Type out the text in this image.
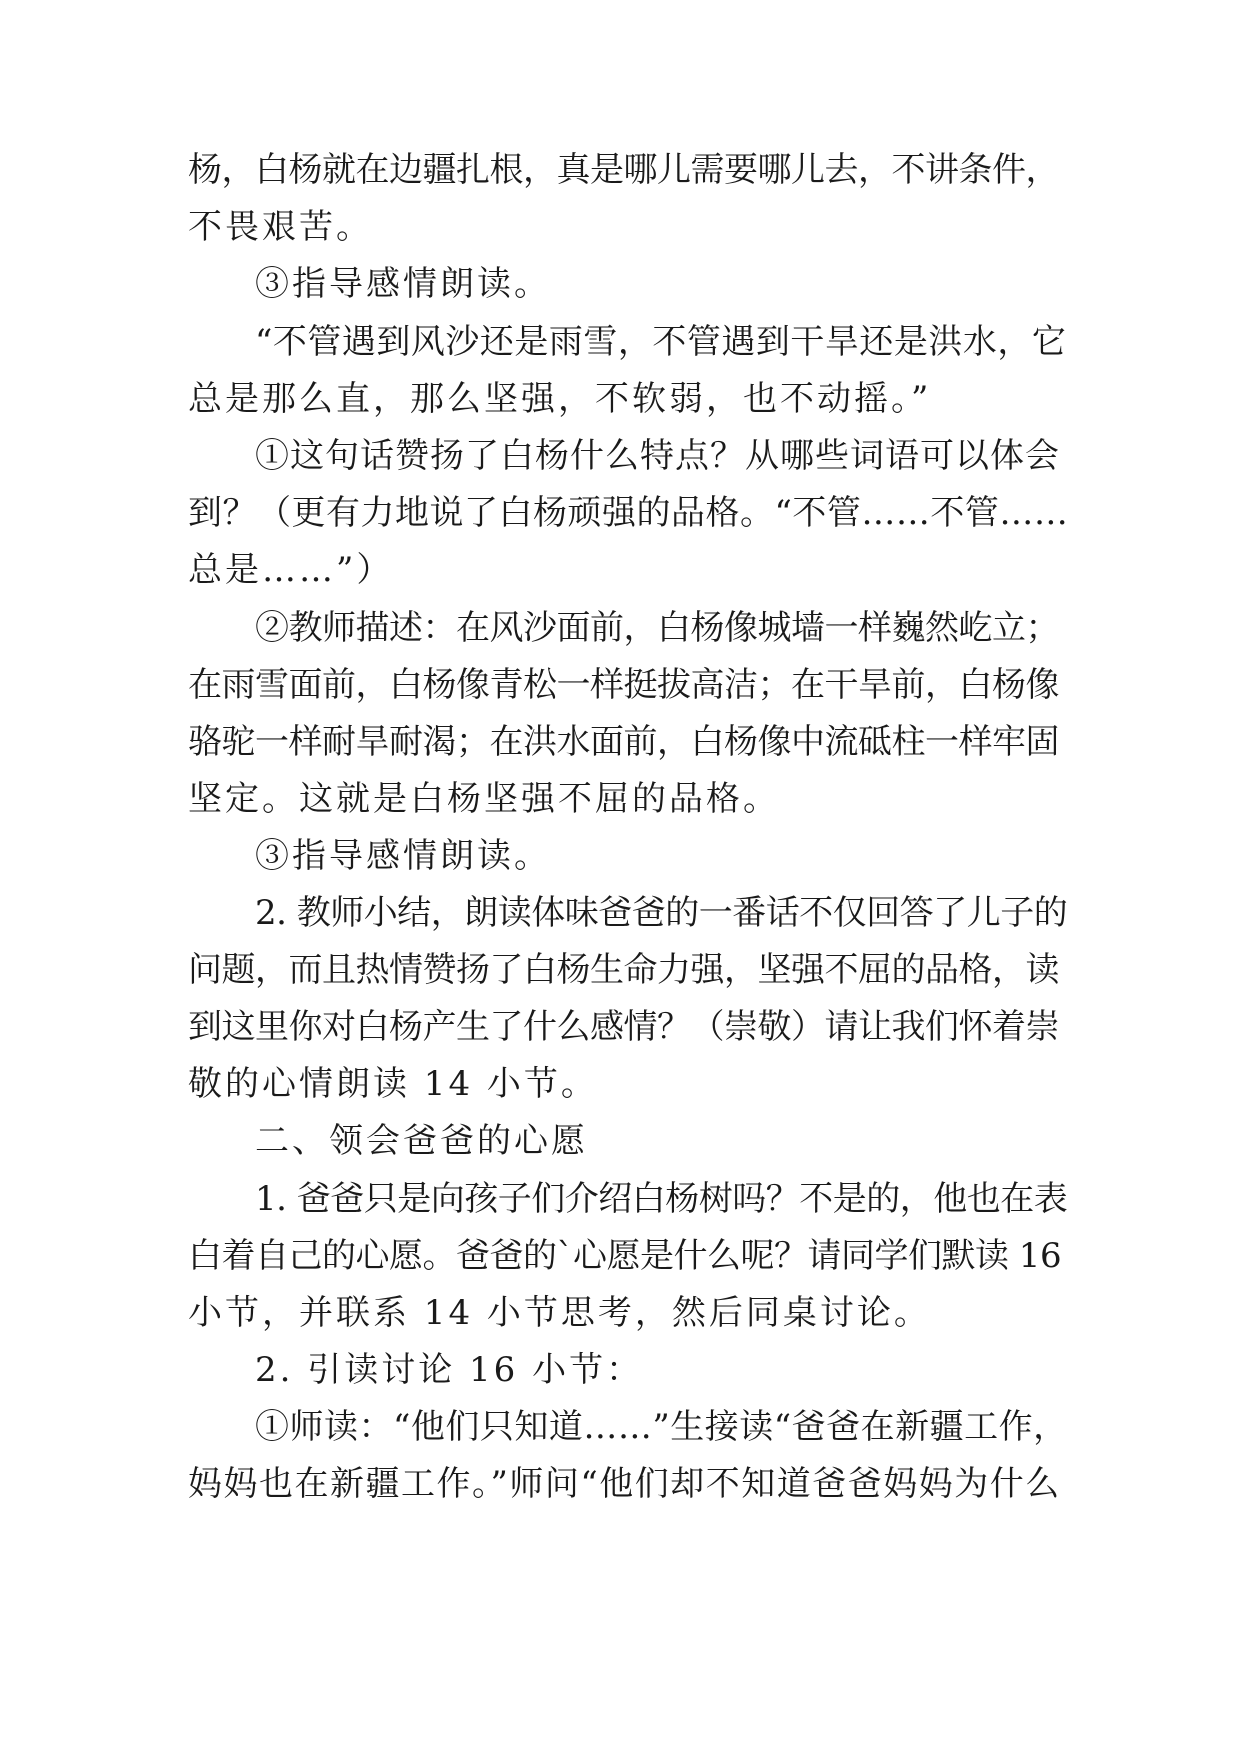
杨，白杨就在边疆扎根，真是哪儿需要哪儿去，不讲条件，
不畏艰苦。
③指导感情朗读。
“不管遇到风沙还是雨雪，不管遇到干旱还是洪水，它
总是那么直，那么坚强，不软弱，也不动摇。”
①这句话赞扬了白杨什么特点？从哪些词语可以体会
到？（更有力地说了白杨顽强的品格。“不管……不管……
总是……”）
②教师描述：在风沙面前，白杨像城墙一样巍然屹立；
在雨雪面前，白杨像青松一样挺拔高洁；在干旱前，白杨像
骆驼一样耐旱耐渴；在洪水面前，白杨像中流砥柱一样牢固
坚定。这就是白杨坚强不屈的品格。
③指导感情朗读。
2. 教师小结，朗读体味爸爸的一番话不仅回答了儿子的
问题，而且热情赞扬了白杨生命力强，坚强不屈的品格，读
到这里你对白杨产生了什么感情？（崇敬）请让我们怀着崇
敬的心情朗读 14 小节。
二、领会爸爸的心愿
1. 爸爸只是向孩子们介绍白杨树吗？不是的，他也在表
白着自己的心愿。爸爸的`心愿是什么呢？请同学们默读 16
小节，并联系 14 小节思考，然后同桌讨论。
2. 引读讨论 16 小节：
①师读：“他们只知道……”生接读“爸爸在新疆工作，
妈妈也在新疆工作。”师问“他们却不知道爸爸妈妈为什么
